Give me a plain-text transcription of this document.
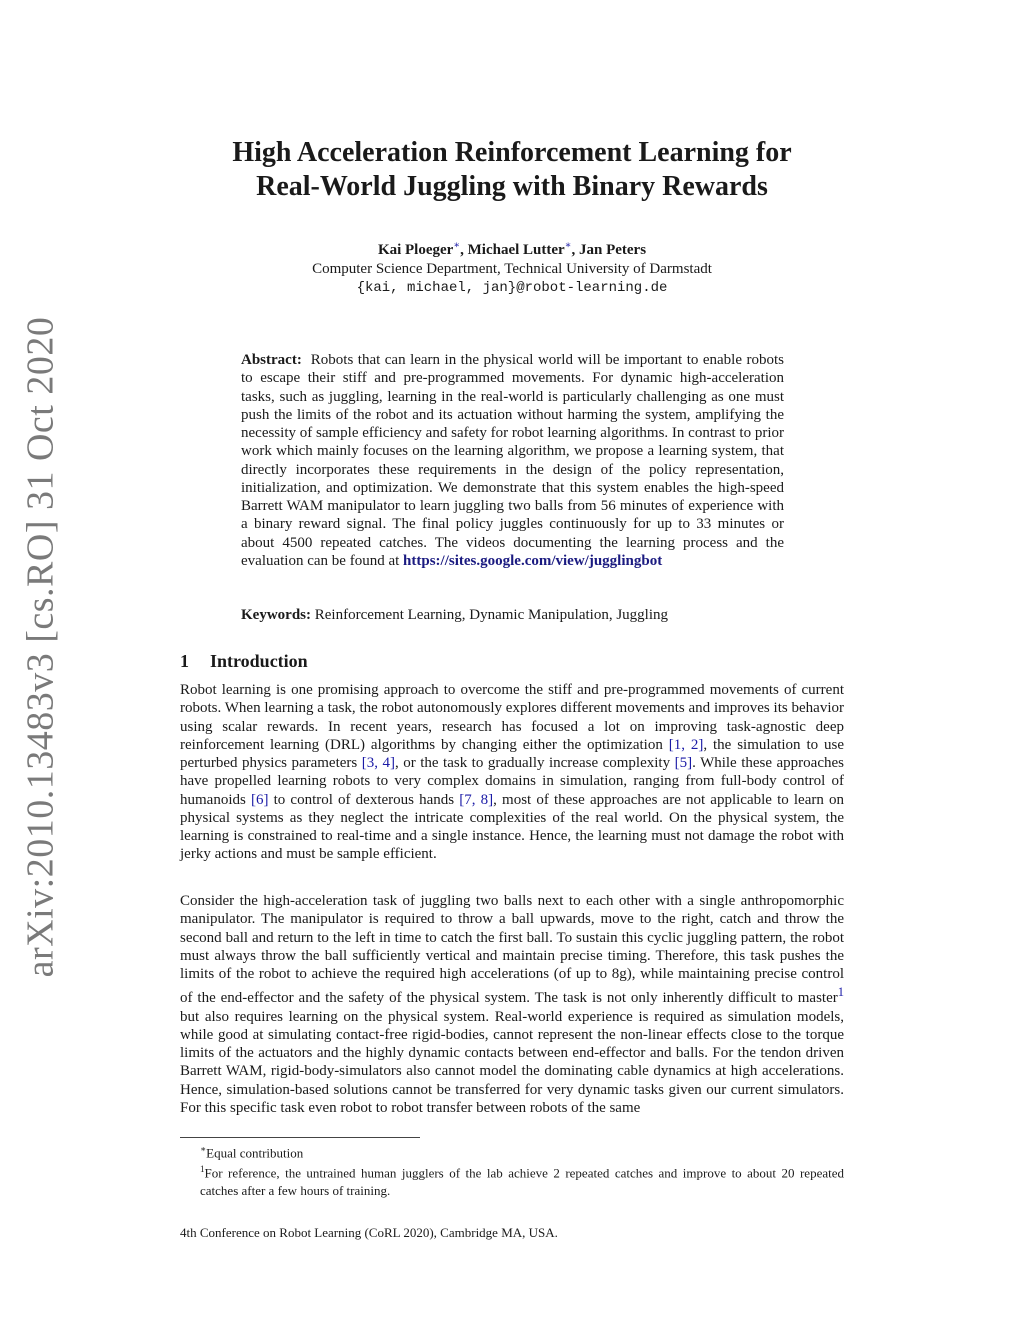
arXiv:2010.13483v3 [cs.RO] 31 Oct 2020
High Acceleration Reinforcement Learning for
Real-World Juggling with Binary Rewards
Kai Ploeger∗, Michael Lutter∗, Jan Peters
Computer Science Department, Technical University of Darmstadt
{kai, michael, jan}@robot-learning.de

Abstract: Robots that can learn in the physical world will be important to enable robots to escape their stiff and pre-programmed movements. For dynamic high-acceleration tasks, such as juggling, learning in the real-world is particularly challenging as one must push the limits of the robot and its actuation without harming the system, amplifying the necessity of sample efficiency and safety for robot learning algorithms. In contrast to prior work which mainly focuses on the learning algorithm, we propose a learning system, that directly incorporates these requirements in the design of the policy representation, initialization, and optimization. We demonstrate that this system enables the high-speed Barrett WAM manipulator to learn juggling two balls from 56 minutes of experience with a binary reward signal. The final policy juggles continuously for up to 33 minutes or about 4500 repeated catches. The videos documenting the learning process and the evaluation can be found at https://sites.google.com/view/jugglingbot

Keywords: Reinforcement Learning, Dynamic Manipulation, Juggling

1 Introduction

Robot learning is one promising approach to overcome the stiff and pre-programmed movements of current robots. When learning a task, the robot autonomously explores different movements and improves its behavior using scalar rewards. In recent years, research has focused a lot on improving task-agnostic deep reinforcement learning (DRL) algorithms by changing either the optimization [1, 2], the simulation to use perturbed physics parameters [3, 4], or the task to gradually increase complexity [5]. While these approaches have propelled learning robots to very complex domains in simulation, ranging from full-body control of humanoids [6] to control of dexterous hands [7, 8], most of these approaches are not applicable to learn on physical systems as they neglect the intricate complexities of the real world. On the physical system, the learning is constrained to real-time and a single instance. Hence, the learning must not damage the robot with jerky actions and must be sample efficient.

Consider the high-acceleration task of juggling two balls next to each other with a single anthropomorphic manipulator. The manipulator is required to throw a ball upwards, move to the right, catch and throw the second ball and return to the left in time to catch the first ball. To sustain this cyclic juggling pattern, the robot must always throw the ball sufficiently vertical and maintain precise timing. Therefore, this task pushes the limits of the robot to achieve the required high accelerations (of up to 8g), while maintaining precise control of the end-effector and the safety of the physical system. The task is not only inherently difficult to master$^1$ but also requires learning on the physical system. Real-world experience is required as simulation models, while good at simulating contact-free rigid-bodies, cannot represent the non-linear effects close to the torque limits of the actuators and the highly dynamic contacts between end-effector and balls. For the tendon driven Barrett WAM, rigid-body-simulators also cannot model the dominating cable dynamics at high accelerations. Hence, simulation-based solutions cannot be transferred for very dynamic tasks given our current simulators. For this specific task even robot to robot transfer between robots of the same

∗Equal contribution

$^1$For reference, the untrained human jugglers of the lab achieve 2 repeated catches and improve to about 20 repeated catches after a few hours of training.

4th Conference on Robot Learning (CoRL 2020), Cambridge MA, USA.
